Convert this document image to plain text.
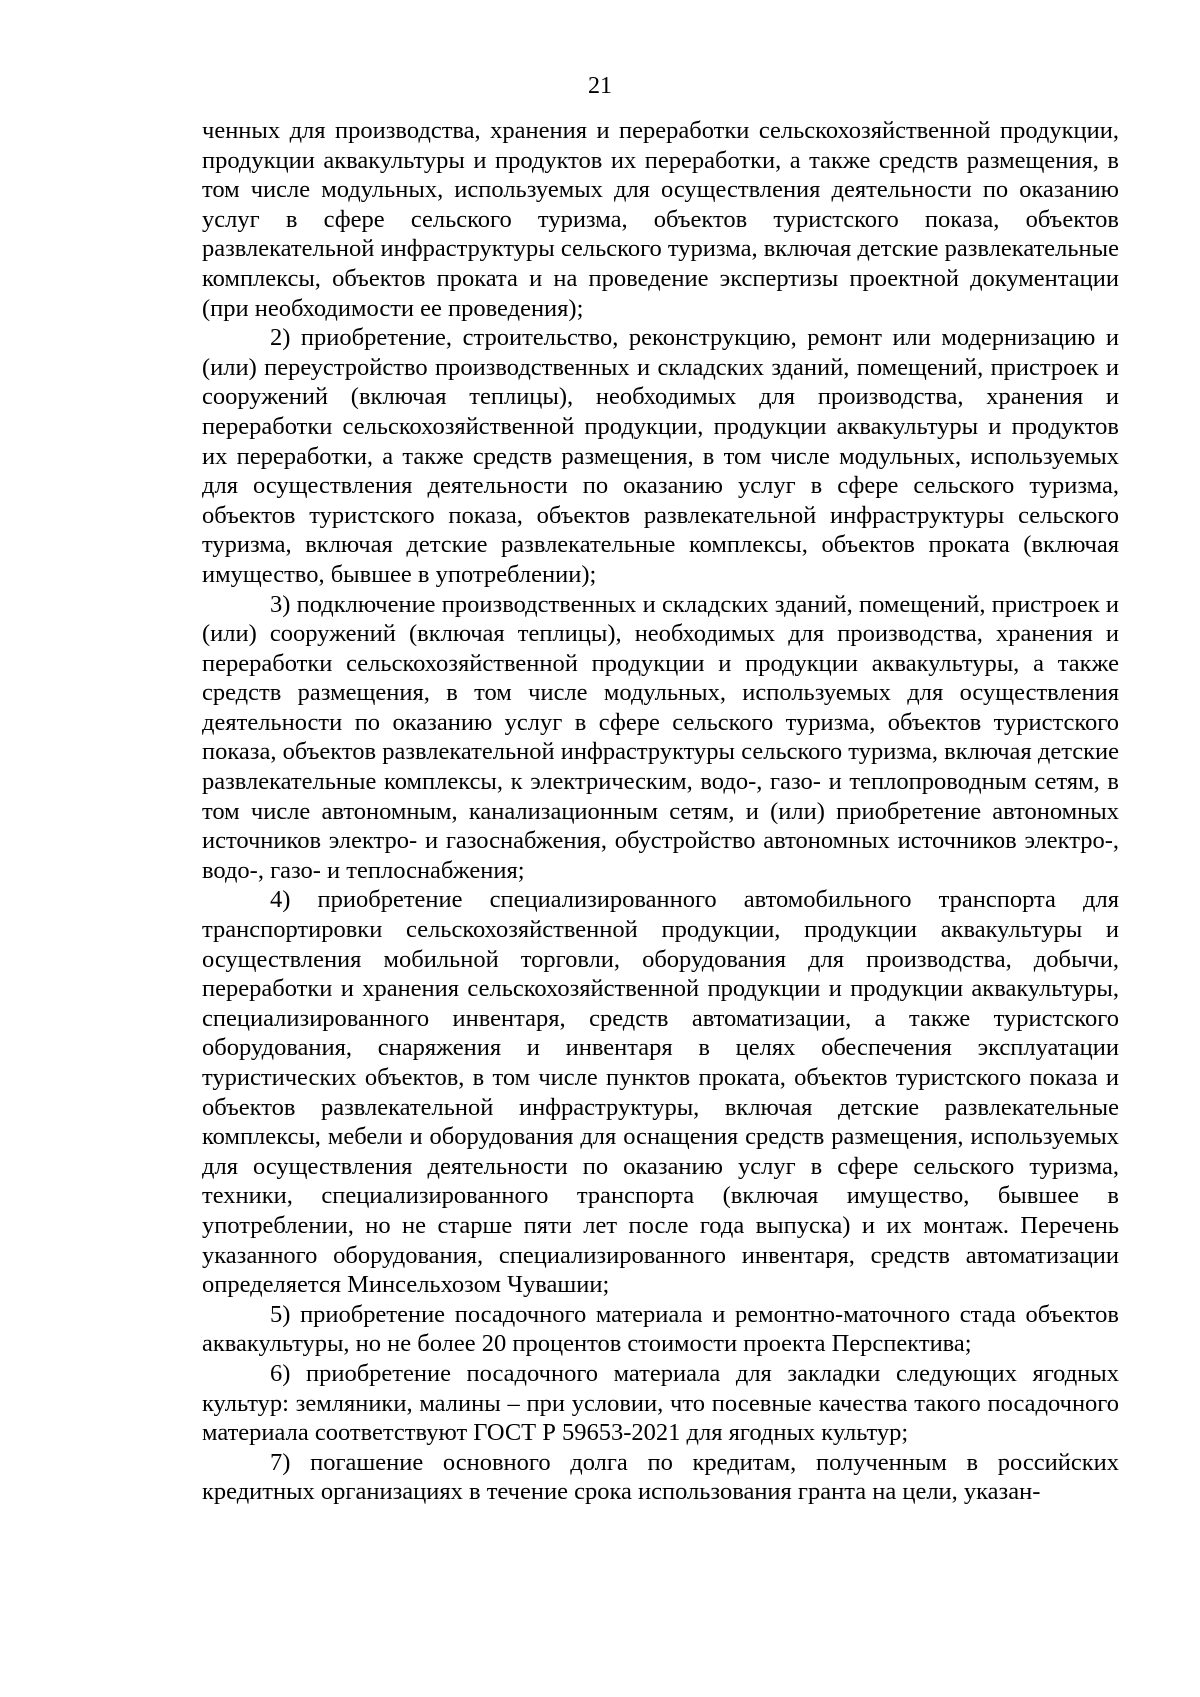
21

ченных для производства, хранения и переработки сельскохозяйственной продукции, продукции аквакультуры и продуктов их переработки, а также средств размещения, в том числе модульных, используемых для осуществления деятельности по оказанию услуг в сфере сельского туризма, объектов туристского показа, объектов развлекательной инфраструктуры сельского туризма, включая детские развлекательные комплексы, объектов проката и на проведение экспертизы проектной документации (при необходимости ее проведения);

2) приобретение, строительство, реконструкцию, ремонт или модернизацию и (или) переустройство производственных и складских зданий, помещений, пристроек и сооружений (включая теплицы), необходимых для производства, хранения и переработки сельскохозяйственной продукции, продукции аквакультуры и продуктов их переработки, а также средств размещения, в том числе модульных, используемых для осуществления деятельности по оказанию услуг в сфере сельского туризма, объектов туристского показа, объектов развлекательной инфраструктуры сельского туризма, включая детские развлекательные комплексы, объектов проката (включая имущество, бывшее в употреблении);

3) подключение производственных и складских зданий, помещений, пристроек и (или) сооружений (включая теплицы), необходимых для производства, хранения и переработки сельскохозяйственной продукции и продукции аквакультуры, а также средств размещения, в том числе модульных, используемых для осуществления деятельности по оказанию услуг в сфере сельского туризма, объектов туристского показа, объектов развлекательной инфраструктуры сельского туризма, включая детские развлекательные комплексы, к электрическим, водо-, газо- и теплопроводным сетям, в том числе автономным, канализационным сетям, и (или) приобретение автономных источников электро- и газоснабжения, обустройство автономных источников электро-, водо-, газо- и теплоснабжения;

4) приобретение специализированного автомобильного транспорта для транспортировки сельскохозяйственной продукции, продукции аквакультуры и осуществления мобильной торговли, оборудования для производства, добычи, переработки и хранения сельскохозяйственной продукции и продукции аквакультуры, специализированного инвентаря, средств автоматизации, а также туристского оборудования, снаряжения и инвентаря в целях обеспечения эксплуатации туристических объектов, в том числе пунктов проката, объектов туристского показа и объектов развлекательной инфраструктуры, включая детские развлекательные комплексы, мебели и оборудования для оснащения средств размещения, используемых для осуществления деятельности по оказанию услуг в сфере сельского туризма, техники, специализированного транспорта (включая имущество, бывшее в употреблении, но не старше пяти лет после года выпуска) и их монтаж. Перечень указанного оборудования, специализированного инвентаря, средств автоматизации определяется Минсельхозом Чувашии;

5) приобретение посадочного материала и ремонтно-маточного стада объектов аквакультуры, но не более 20 процентов стоимости проекта Перспектива;

6) приобретение посадочного материала для закладки следующих ягодных культур: земляники, малины – при условии, что посевные качества такого посадочного материала соответствуют ГОСТ Р 59653-2021 для ягодных культур;

7) погашение основного долга по кредитам, полученным в российских кредитных организациях в течение срока использования гранта на цели, указан-
